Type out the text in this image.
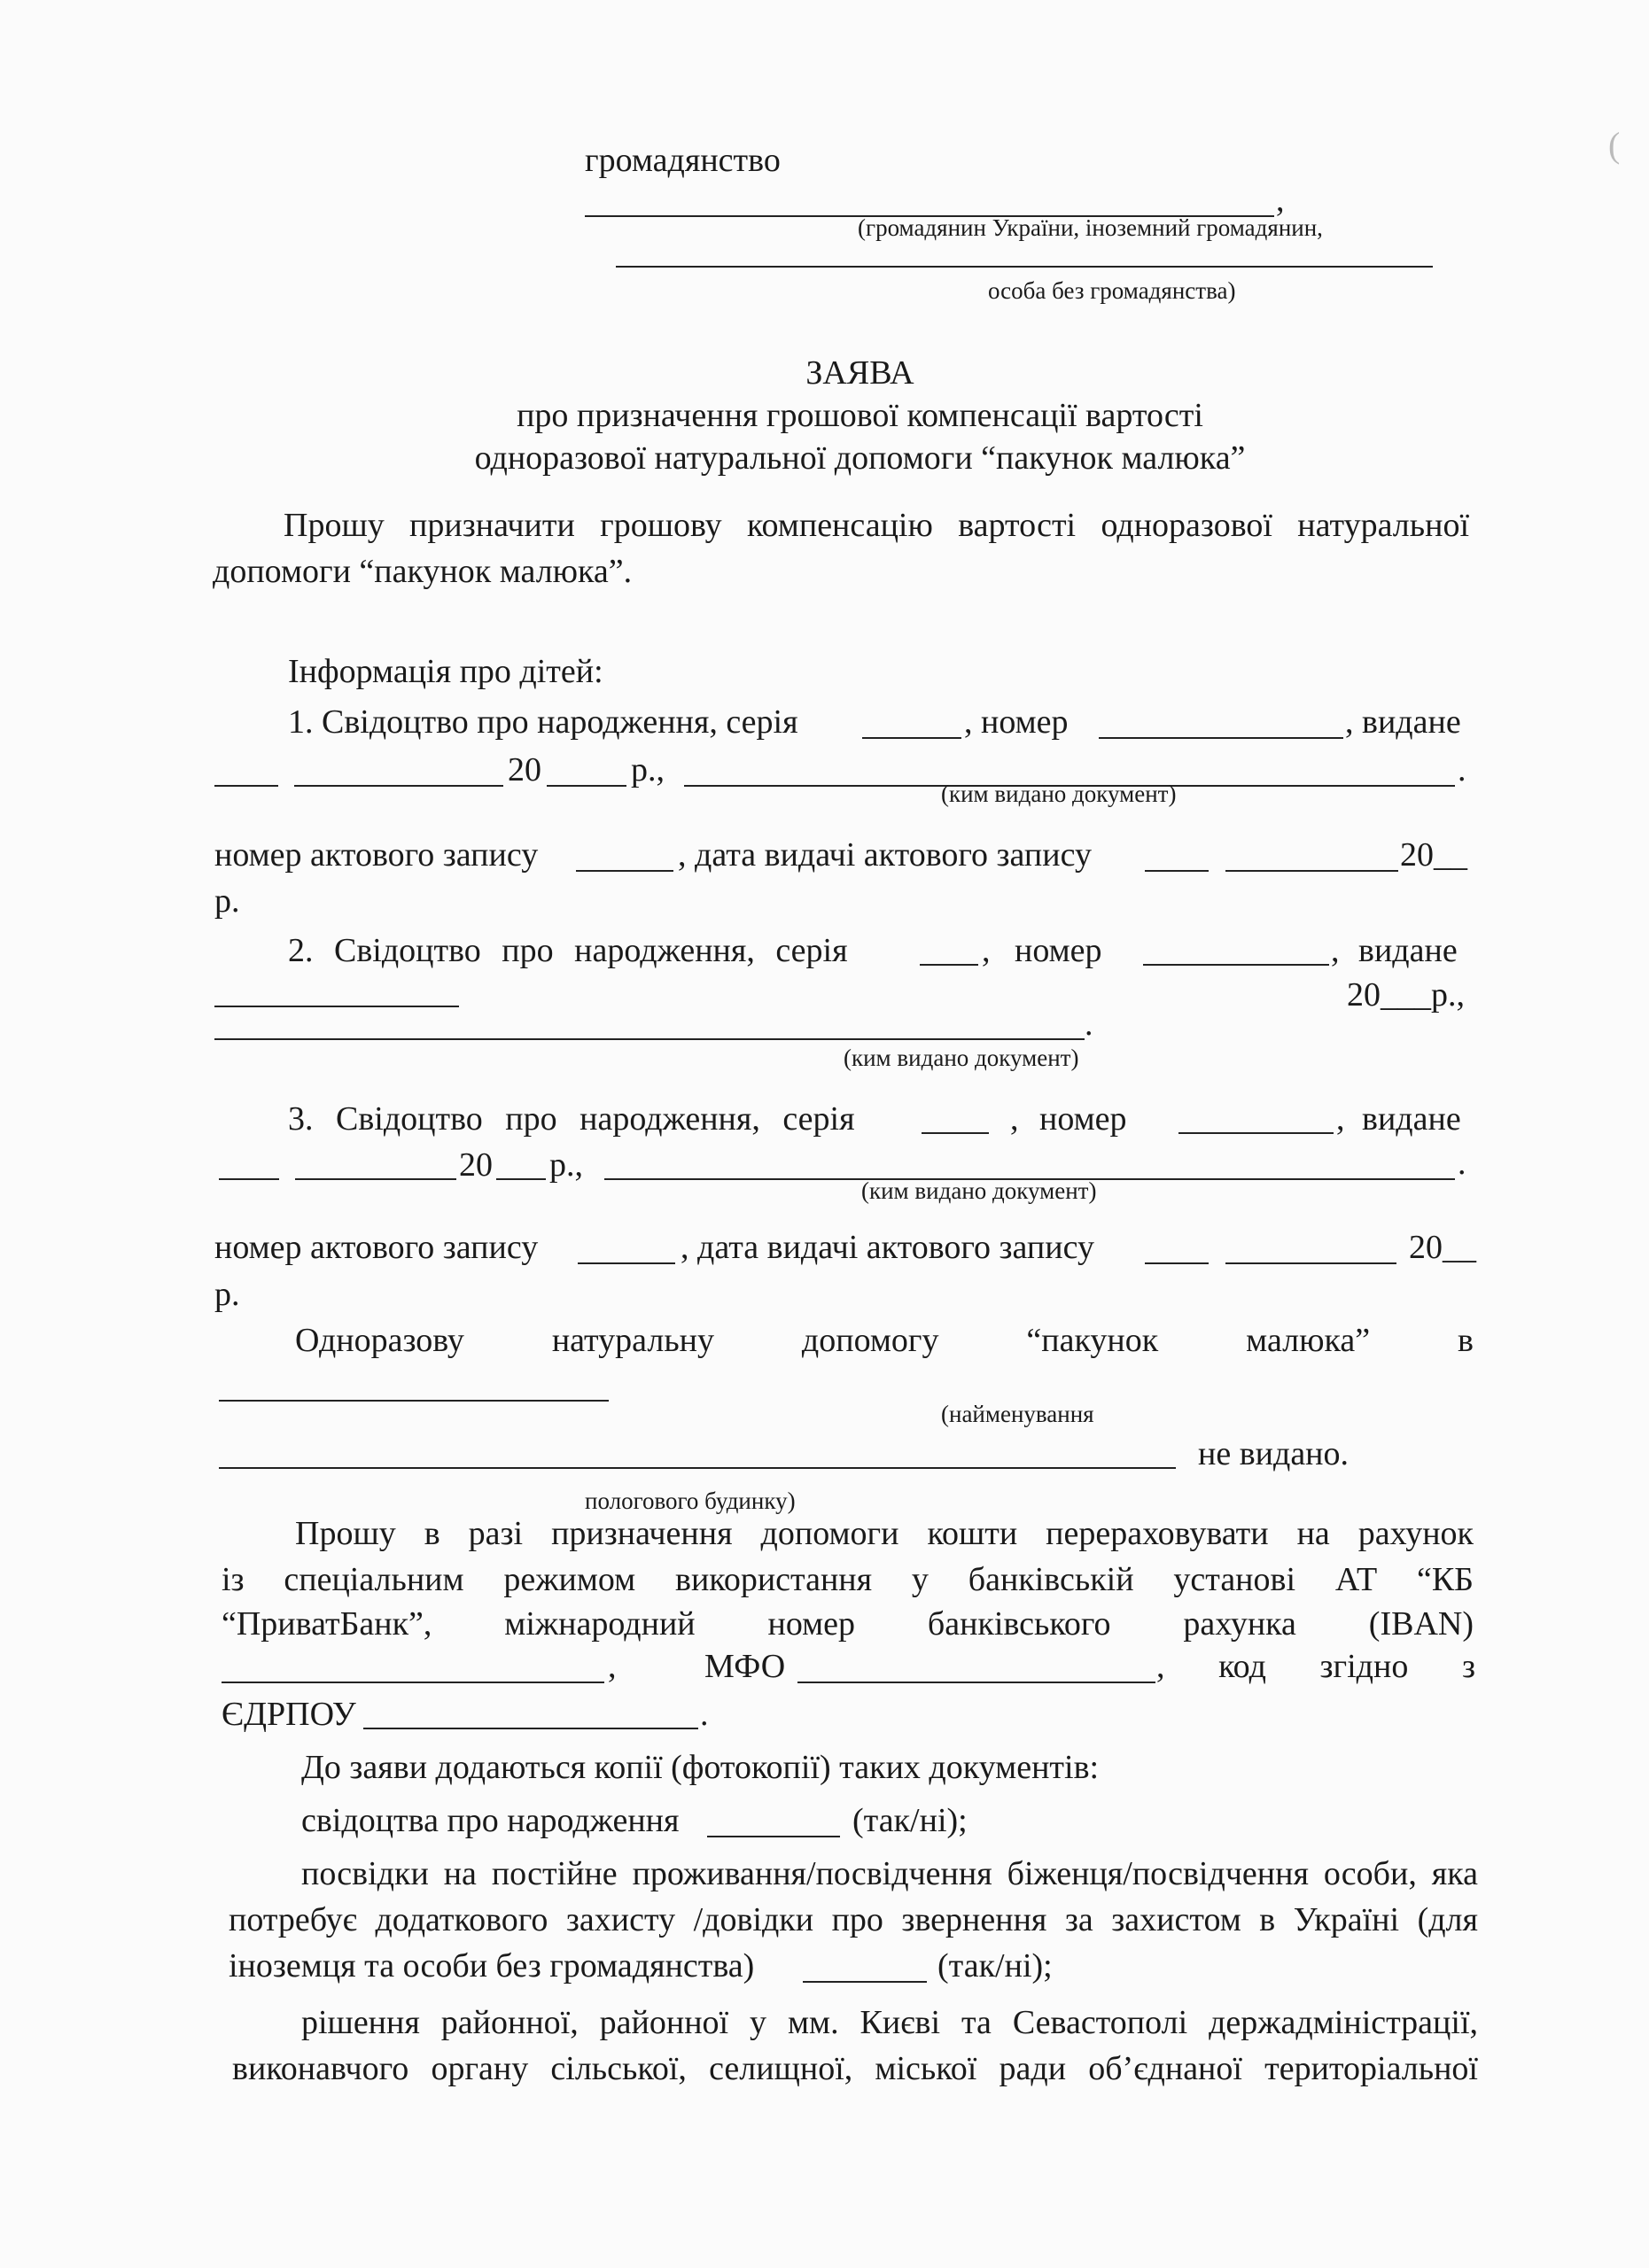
(
громадянство
,
(громадянин України, іноземний громадянин,
особа без громадянства)
ЗАЯВА
про призначення грошової компенсації вартості
одноразової натуральної допомоги “пакунок малюка”
Прошу призначити грошову компенсацію вартості одноразової натуральної
допомоги “пакунок малюка”.
Інформація про дітей:
1. Свідоцтво про народження, серія	, номер	, видане
20	р.,	.
(ким видано документ)
номер актового запису	, дата видачі актового запису	20__
р.
2. Свідоцтво про народження, серія	, номер	, видане
20___р.,
.
(ким видано документ)
3. Свідоцтво про народження, серія	, номер	, видане
20 р.,	.
(ким видано документ)
номер актового запису	, дата видачі актового запису	20__
р.
Одноразову натуральну допомогу “пакунок малюка” в
(найменування
не видано.
пологового будинку)
Прошу в разі призначення допомоги кошти перераховувати на рахунок
із спеціальним режимом використання у банківській установі АТ “КБ
“ПриватБанк”, міжнародний номер банківського рахунка (IBAN)
, МФО	, код згідно з
ЄДРПОУ	.
До заяви додаються копії (фотокопії) таких документів:
свідоцтва про народження	(так/ні);
посвідки на постійне проживання/посвідчення біженця/посвідчення особи, яка
потребує додаткового захисту /довідки про звернення за захистом в Україні (для
іноземця та особи без громадянства)	(так/ні);
рішення районної, районної у мм. Києві та Севастополі держадміністрації,
виконавчого органу сільської, селищної, міської ради об’єднаної територіальної
